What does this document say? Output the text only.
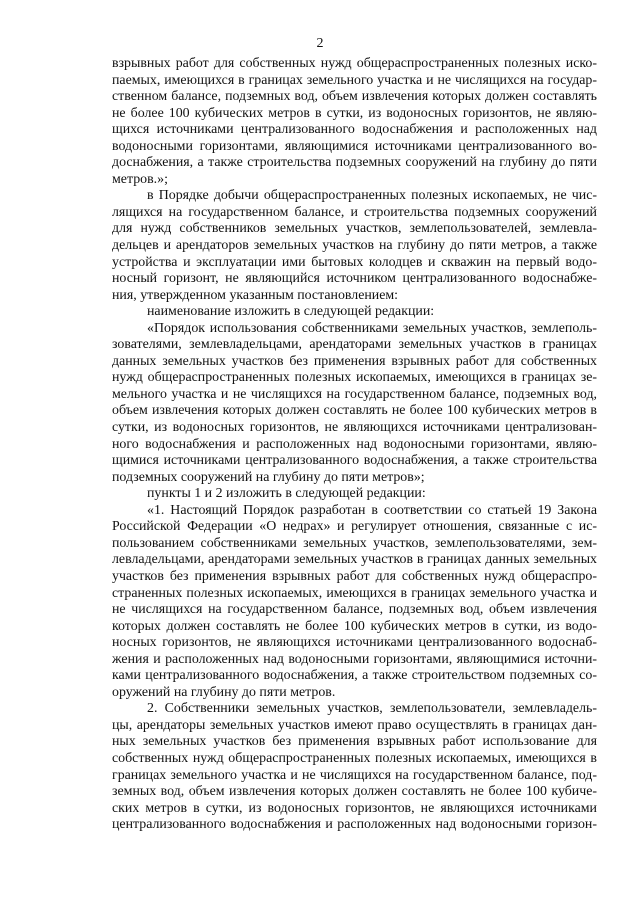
2
взрывных работ для собственных нужд общераспространенных полезных иско-
паемых, имеющихся в границах земельного участка и не числящихся на государ-
ственном балансе, подземных вод, объем извлечения которых должен составлять
не более 100 кубических метров в сутки, из водоносных горизонтов, не являю-
щихся источниками централизованного водоснабжения и расположенных над
водоносными горизонтами, являющимися источниками централизованного во-
доснабжения, а также строительства подземных сооружений на глубину до пяти
метров.»;
в Порядке добычи общераспространенных полезных ископаемых, не чис-
лящихся на государственном балансе, и строительства подземных сооружений
для нужд собственников земельных участков, землепользователей, землевла-
дельцев и арендаторов земельных участков на глубину до пяти метров, а также
устройства и эксплуатации ими бытовых колодцев и скважин на первый водо-
носный горизонт, не являющийся источником централизованного водоснабже-
ния, утвержденном указанным постановлением:
наименование изложить в следующей редакции:
«Порядок использования собственниками земельных участков, землеполь-
зователями, землевладельцами, арендаторами земельных участков в границах
данных земельных участков без применения взрывных работ для собственных
нужд общераспространенных полезных ископаемых, имеющихся в границах зе-
мельного участка и не числящихся на государственном балансе, подземных вод,
объем извлечения которых должен составлять не более 100 кубических метров в
сутки, из водоносных горизонтов, не являющихся источниками централизован-
ного водоснабжения и расположенных над водоносными горизонтами, являю-
щимися источниками централизованного водоснабжения, а также строительства
подземных сооружений на глубину до пяти метров»;
пункты 1 и 2 изложить в следующей редакции:
«1. Настоящий Порядок разработан в соответствии со статьей 19 Закона
Российской Федерации «О недрах» и регулирует отношения, связанные с ис-
пользованием собственниками земельных участков, землепользователями, зем-
левладельцами, арендаторами земельных участков в границах данных земельных
участков без применения взрывных работ для собственных нужд общераспро-
страненных полезных ископаемых, имеющихся в границах земельного участка и
не числящихся на государственном балансе, подземных вод, объем извлечения
которых должен составлять не более 100 кубических метров в сутки, из водо-
носных горизонтов, не являющихся источниками централизованного водоснаб-
жения и расположенных над водоносными горизонтами, являющимися источни-
ками централизованного водоснабжения, а также строительством подземных со-
оружений на глубину до пяти метров.
2. Собственники земельных участков, землепользователи, землевладель-
цы, арендаторы земельных участков имеют право осуществлять в границах дан-
ных земельных участков без применения взрывных работ использование для
собственных нужд общераспространенных полезных ископаемых, имеющихся в
границах земельного участка и не числящихся на государственном балансе, под-
земных вод, объем извлечения которых должен составлять не более 100 кубиче-
ских метров в сутки, из водоносных горизонтов, не являющихся источниками
централизованного водоснабжения и расположенных над водоносными горизон-
